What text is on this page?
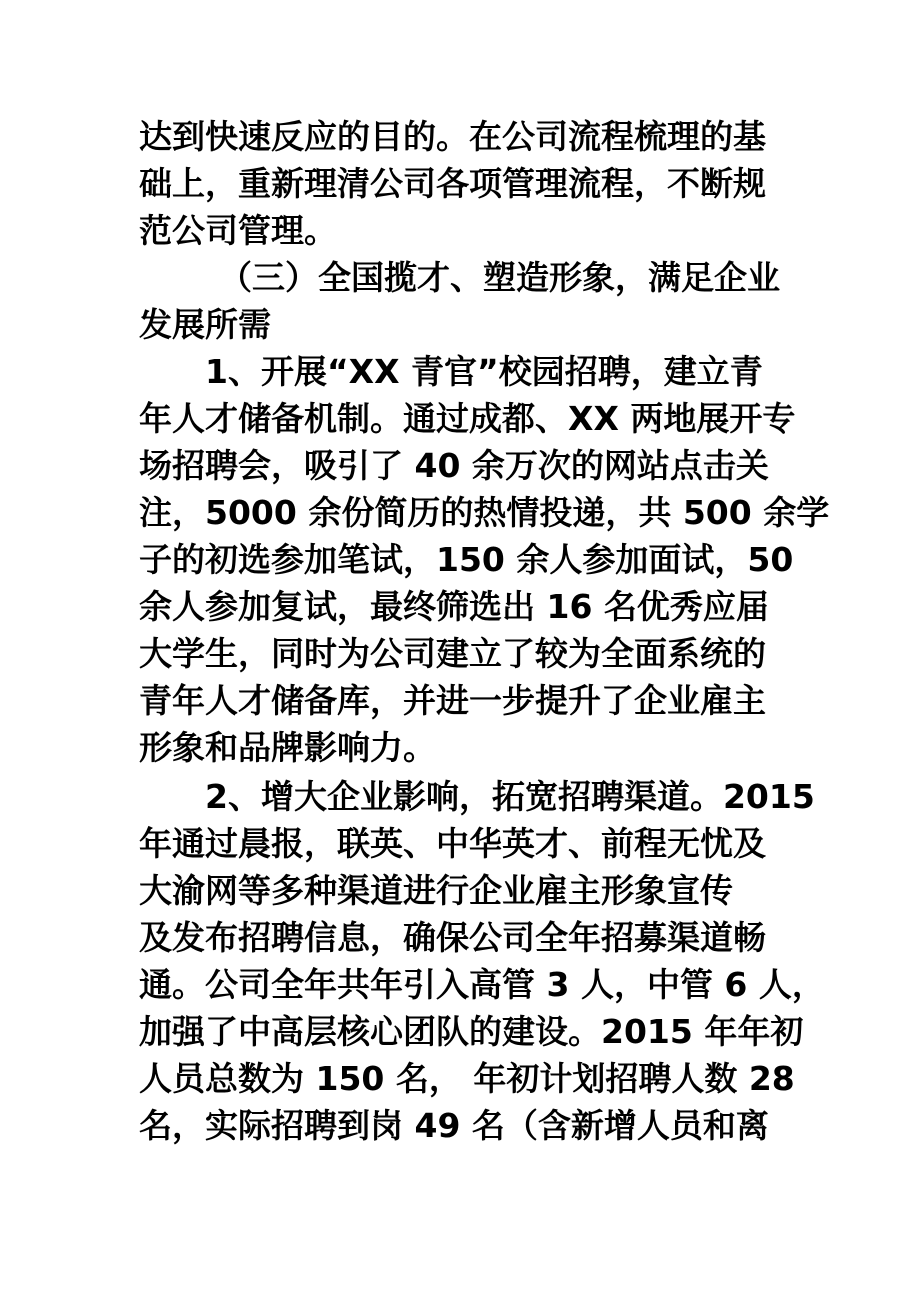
达到快速反应的目的。在公司流程梳理的基
础上，重新理清公司各项管理流程，不断规
范公司管理。
（三）全国揽才、塑造形象，满足企业
发展所需
1、开展“XX 青官”校园招聘，建立青
年人才储备机制。通过成都、XX 两地展开专
场招聘会，吸引了 40 余万次的网站点击关
注，5000 余份简历的热情投递，共 500 余学
子的初选参加笔试，150 余人参加面试，50
余人参加复试，最终筛选出 16 名优秀应届
大学生，同时为公司建立了较为全面系统的
青年人才储备库，并进一步提升了企业雇主
形象和品牌影响力。
2、增大企业影响，拓宽招聘渠道。2015
年通过晨报，联英、中华英才、前程无忧及
大渝网等多种渠道进行企业雇主形象宣传
及发布招聘信息，确保公司全年招募渠道畅
通。公司全年共年引入高管 3 人，中管 6 人，
加强了中高层核心团队的建设。2015 年年初
人员总数为 150 名， 年初计划招聘人数 28
名，实际招聘到岗 49 名（含新增人员和离
